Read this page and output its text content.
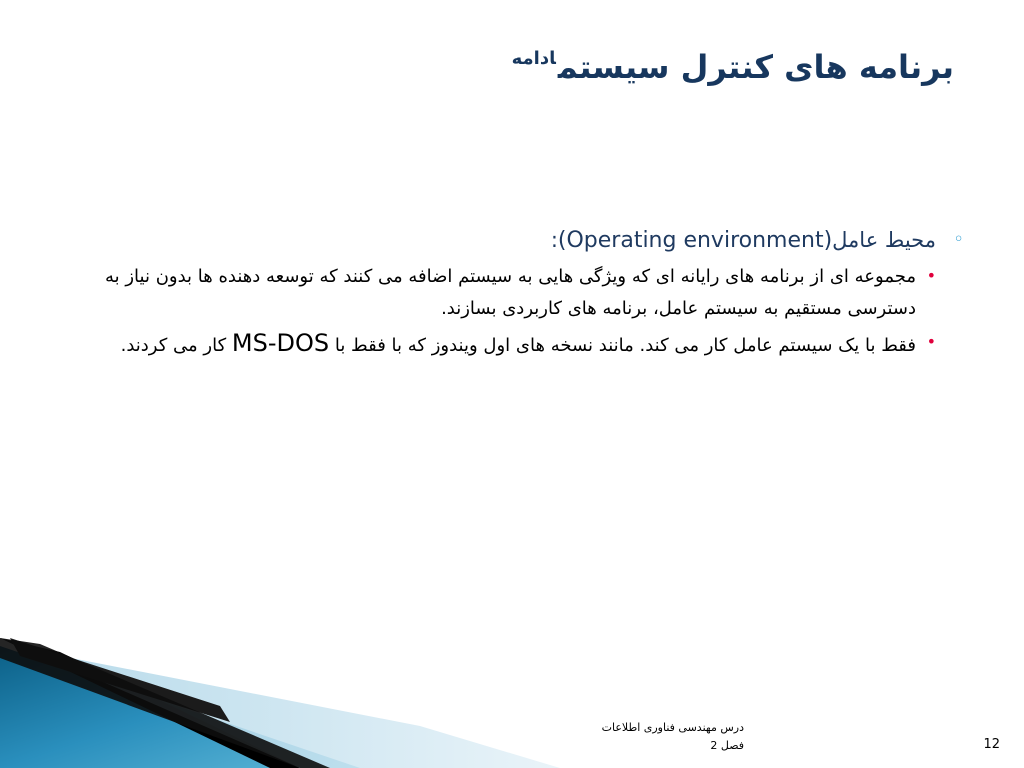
برنامه های کنترل سیستم$^{ادامه}$
◦
محیط عامل(Operating environment):
•
مجموعه ای از برنامه های رایانه ای که ویژگی هایی به سیستم اضافه می کنند که توسعه دهنده ها بدون نیاز به دسترسی مستقیم به سیستم عامل، برنامه های کاربردی بسازند.
•
فقط با یک سیستم عامل کار می کند. مانند نسخه های اول ویندوز که با فقط با MS-DOS کار می کردند.
درس مهندسی فناوری اطلاعات
فصل 2	12
